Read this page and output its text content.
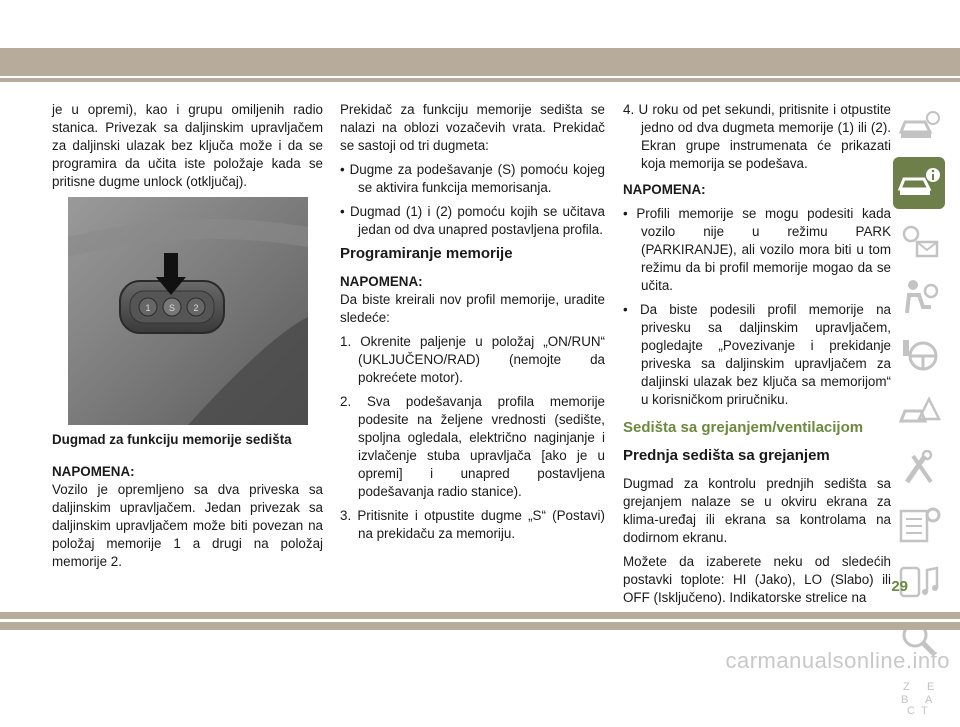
je u opremi), kao i grupu omiljenih radio stanica. Privezak sa daljinskim upravljačem za daljinski ulazak bez ključa može i da se programira da učita iste položaje kada se pritisne dugme unlock (otključaj).

1 S 2

Dugmad za funkciju memorije sedišta

NAPOMENA:

Vozilo je opremljeno sa dva priveska sa daljinskim upravljačem. Jedan privezak sa daljinskim upravljačem može biti povezan na položaj memorije 1 a drugi na položaj memorije 2.

Prekidač za funkciju memorije sedišta se nalazi na oblozi vozačevih vrata. Prekidač se sastoji od tri dugmeta:

• Dugme za podešavanje (S) pomoću kojeg se aktivira funkcija memorisanja.

• Dugmad (1) i (2) pomoću kojih se učitava jedan od dva unapred postavljena profila.

Programiranje memorije

NAPOMENA:

Da biste kreirali nov profil memorije, uradite sledeće:

1. Okrenite paljenje u položaj „ON/RUN“ (UKLJUČENO/RAD) (nemojte da pokrećete motor).

2. Sva podešavanja profila memorije podesite na željene vrednosti (sedište, spoljna ogledala, električno naginjanje i izvlačenje stuba upravljača [ako je u opremi] i unapred postavljena podešavanja radio stanice).

3. Pritisnite i otpustite dugme „S“ (Postavi) na prekidaču za memoriju.

4. U roku od pet sekundi, pritisnite i otpustite jedno od dva dugmeta memorije (1) ili (2). Ekran grupe instrumenata će prikazati koja memorija se podešava.

NAPOMENA:

• Profili memorije se mogu podesiti kada vozilo nije u režimu PARK (PARKIRANJE), ali vozilo mora biti u tom režimu da bi profil memorije mogao da se učita.

• Da biste podesili profil memorije na privesku sa daljinskim upravljačem, pogledajte „Povezivanje i prekidanje priveska sa daljinskim upravljačem za daljinski ulazak bez ključa sa memorijom“ u korisničkom priručniku.

Sedišta sa grejanjem/ventilacijom

Prednja sedišta sa grejanjem

Dugmad za kontrolu prednjih sedišta sa grejanjem nalaze se u okviru ekrana za klima-uređaj ili ekrana sa kontrolama na dodirnom ekranu.

Možete da izaberete neku od sledećih postavki toplote: HI (Jako), LO (Slabo) ili OFF (Isključeno). Indikatorske strelice na

Z E
B A
C T
29
carmanualsonline.info
